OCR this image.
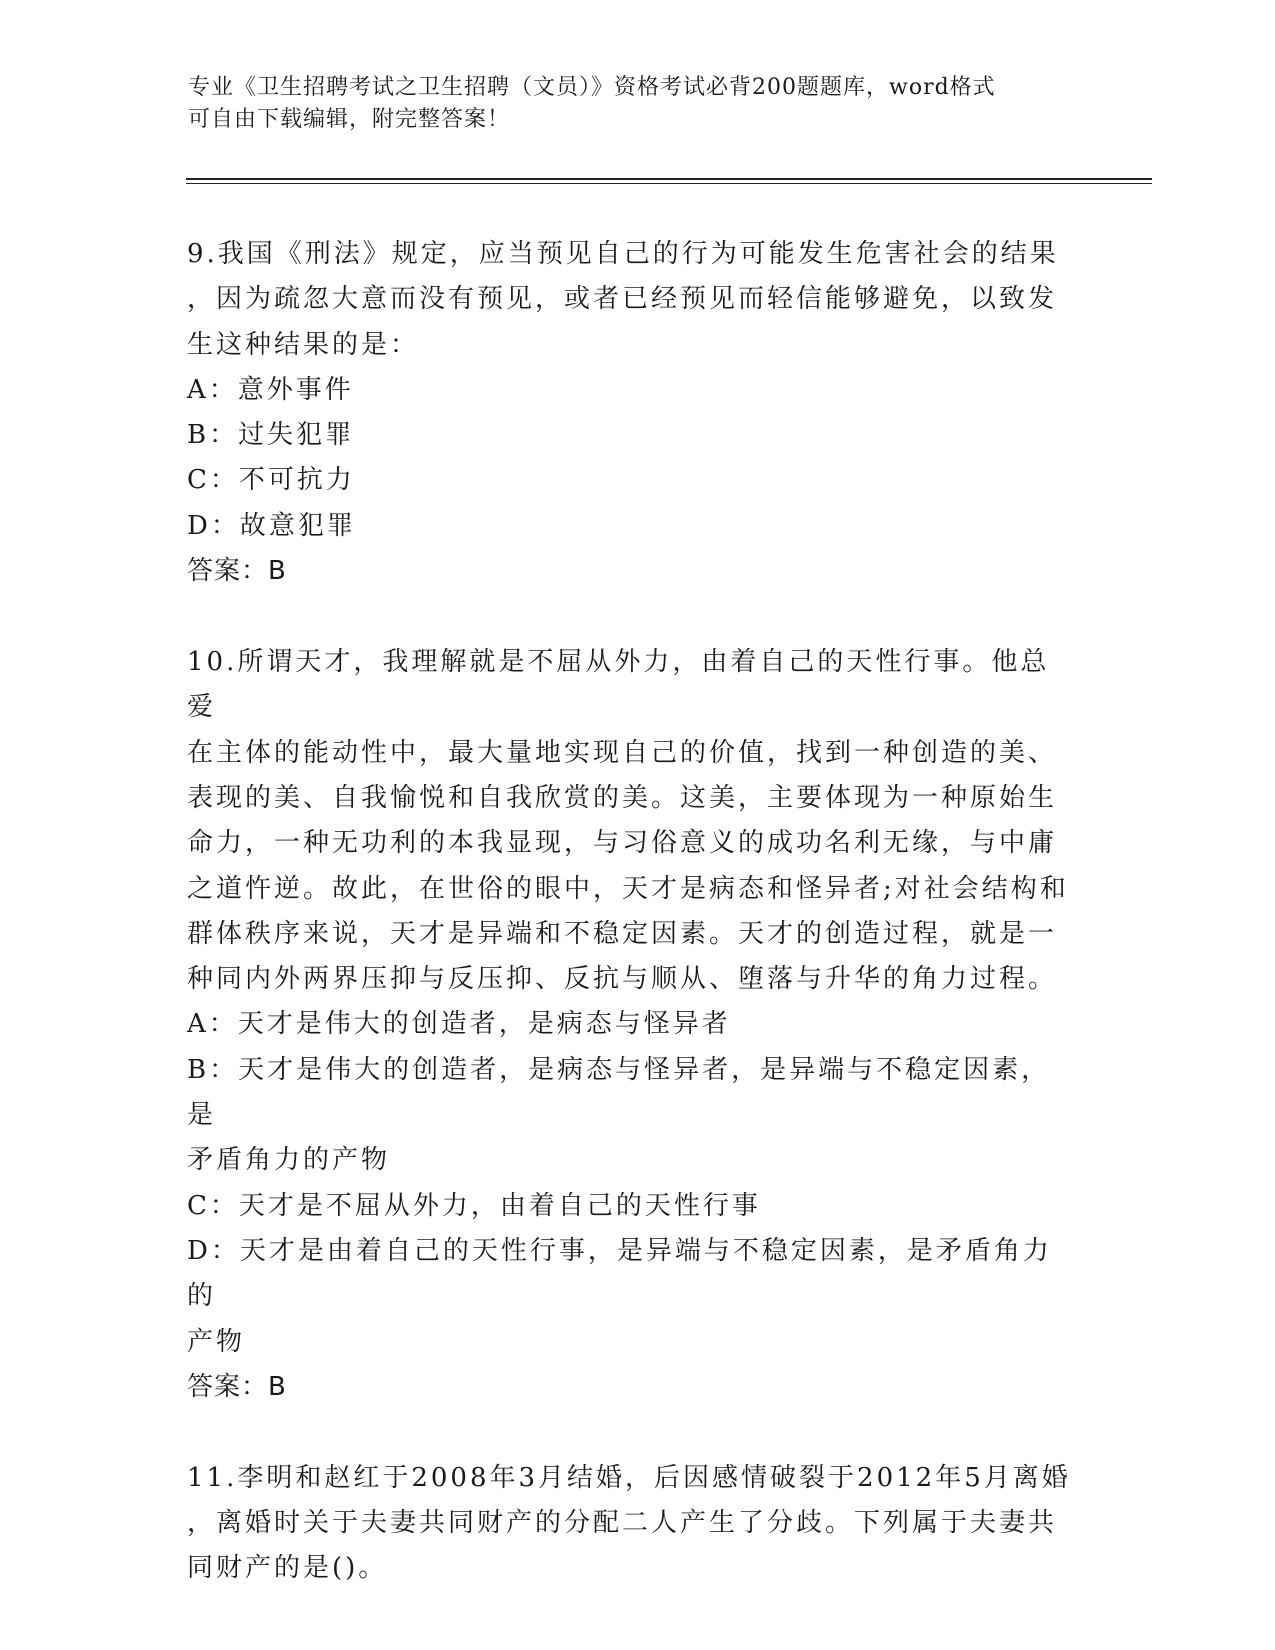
专业《卫生招聘考试之卫生招聘（文员）》资格考试必背200题题库，word格式
可自由下载编辑，附完整答案！
9.我国《刑法》规定，应当预见自己的行为可能发生危害社会的结果
，因为疏忽大意而没有预见，或者已经预见而轻信能够避免，以致发
生这种结果的是：
A：意外事件
B：过失犯罪
C：不可抗力
D：故意犯罪
答案：B
10.所谓天才，我理解就是不屈从外力，由着自己的天性行事。他总爱
在主体的能动性中，最大量地实现自己的价值，找到一种创造的美、
表现的美、自我愉悦和自我欣赏的美。这美，主要体现为一种原始生
命力，一种无功利的本我显现，与习俗意义的成功名利无缘，与中庸
之道忤逆。故此，在世俗的眼中，天才是病态和怪异者;对社会结构和
群体秩序来说，天才是异端和不稳定因素。天才的创造过程，就是一
种同内外两界压抑与反压抑、反抗与顺从、堕落与升华的角力过程。
A：天才是伟大的创造者，是病态与怪异者
B：天才是伟大的创造者，是病态与怪异者，是异端与不稳定因素，是
矛盾角力的产物
C：天才是不屈从外力，由着自己的天性行事
D：天才是由着自己的天性行事，是异端与不稳定因素，是矛盾角力的
产物
答案：B
11.李明和赵红于2008年3月结婚，后因感情破裂于2012年5月离婚
，离婚时关于夫妻共同财产的分配二人产生了分歧。下列属于夫妻共
同财产的是()。
